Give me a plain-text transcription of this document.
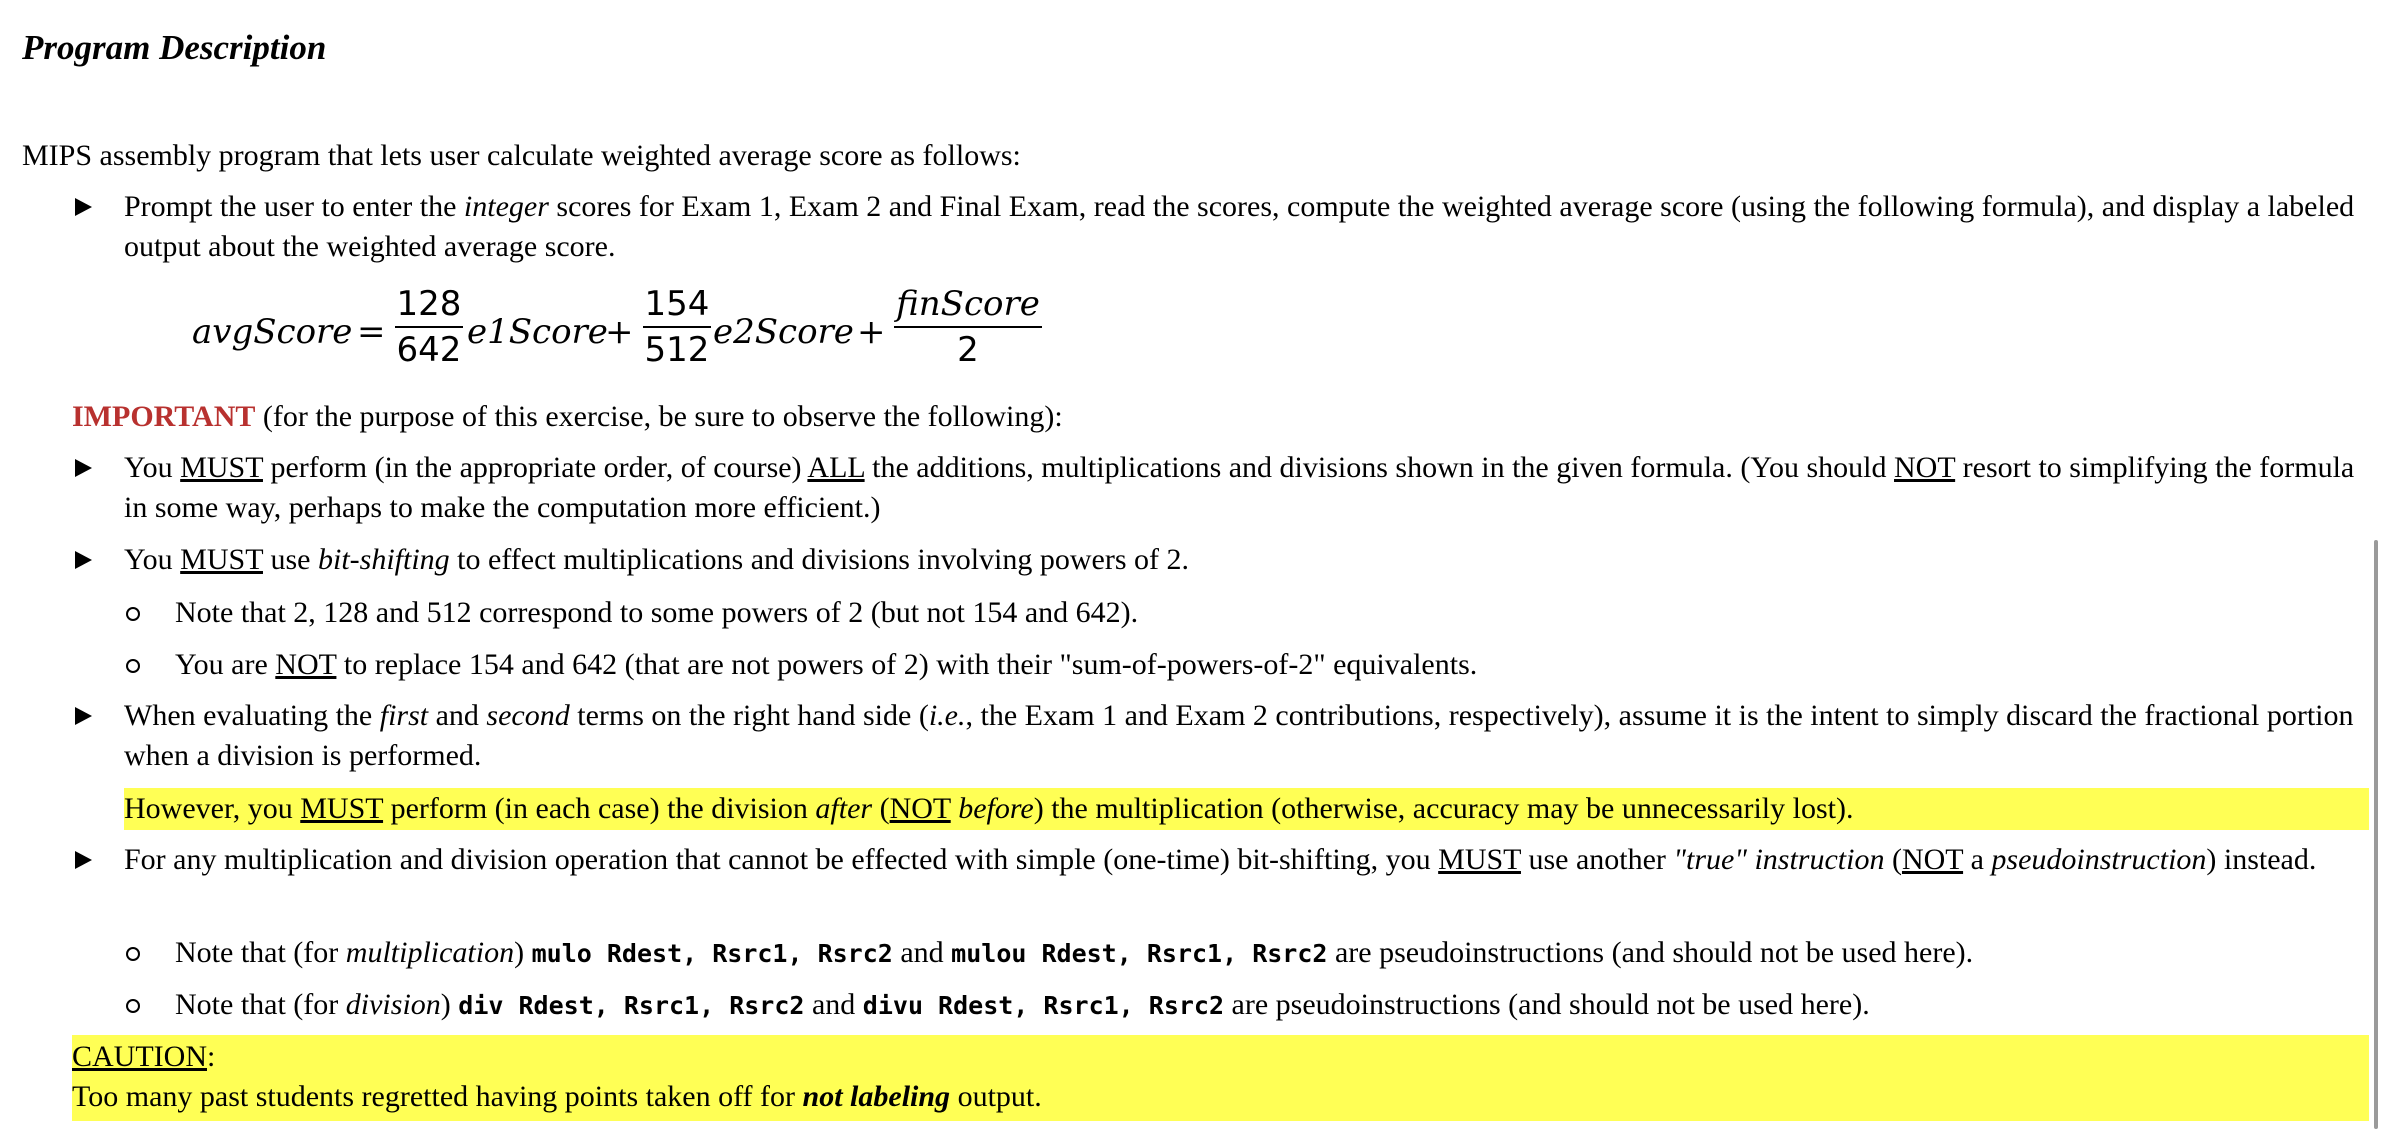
Program Description
MIPS assembly program that lets user calculate weighted average score as follows:
Prompt the user to enter the integer scores for Exam 1, Exam 2 and Final Exam, read the scores, compute the weighted average score (using the following formula), and display a labeled output about the weighted average score.
avgScore =
128
642 e1Score
+
154
512 e2Score +
finScore
2
IMPORTANT (for the purpose of this exercise, be sure to observe the following):
You MUST perform (in the appropriate order, of course) ALL the additions, multiplications and divisions shown in the given formula. (You should NOT resort to simplifying the formula in some way, perhaps to make the computation more efficient.)
You MUST use bit-shifting to effect multiplications and divisions involving powers of 2.
Note that 2, 128 and 512 correspond to some powers of 2 (but not 154 and 642).
You are NOT to replace 154 and 642 (that are not powers of 2) with their "sum-of-powers-of-2" equivalents.
When evaluating the first and second terms on the right hand side (i.e., the Exam 1 and Exam 2 contributions, respectively), assume it is the intent to simply discard the fractional portion when a division is performed.
However, you MUST perform (in each case) the division after (NOT before) the multiplication (otherwise, accuracy may be unnecessarily lost).
For any multiplication and division operation that cannot be effected with simple (one-time) bit-shifting, you MUST use another "true" instruction (NOT a pseudoinstruction) instead.
Note that (for multiplication) mulo Rdest, Rsrc1, Rsrc2 and mulou Rdest, Rsrc1, Rsrc2 are pseudoinstructions (and should not be used here).
Note that (for division) div Rdest, Rsrc1, Rsrc2 and divu Rdest, Rsrc1, Rsrc2 are pseudoinstructions (and should not be used here).
CAUTION:
Too many past students regretted having points taken off for not labeling output.
